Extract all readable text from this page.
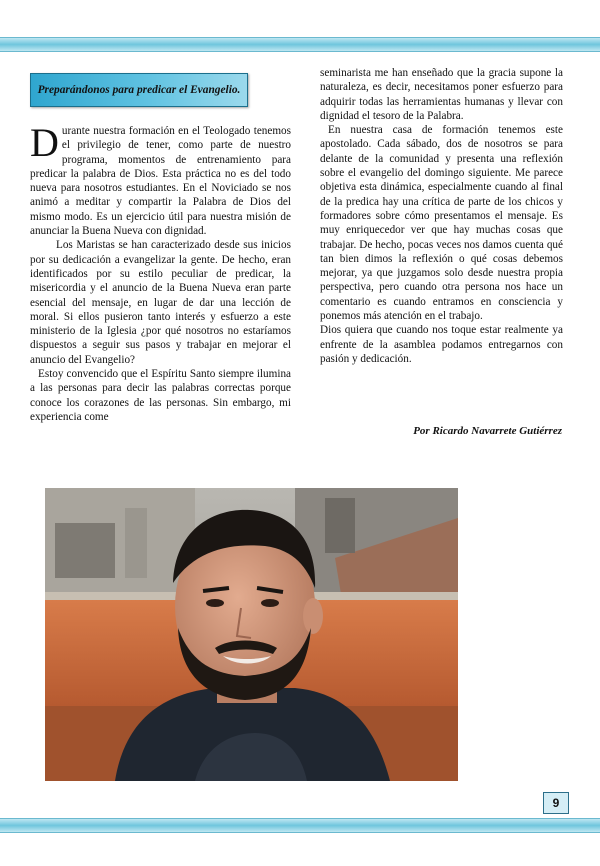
Preparándonos para predicar el Evangelio.

Durante nuestra formación en el Teologado tenemos el privilegio de tener, como parte de nuestro programa, momentos de entrenamiento para predicar la palabra de Dios. Esta práctica no es del todo nueva para nosotros estudiantes. En el Noviciado se nos animó a meditar y compartir la Palabra de Dios del mismo modo. Es un ejercicio útil para nuestra misión de anunciar la Buena Nueva con dignidad.

Los Maristas se han caracterizado desde sus inicios por su dedicación a evangelizar la gente. De hecho, eran identificados por su estilo peculiar de predicar, la misericordia y el anuncio de la Buena Nueva eran parte esencial del mensaje, en lugar de dar una lección de moral. Si ellos pusieron tanto interés y esfuerzo a este ministerio de la Iglesia ¿por qué nosotros no estaríamos dispuestos a seguir sus pasos y trabajar en mejorar el anuncio del Evangelio?

Estoy convencido que el Espíritu Santo siempre ilumina a las personas para decir las palabras correctas porque conoce los corazones de las personas. Sin embargo, mi experiencia come

seminarista me han enseñado que la gracia supone la naturaleza, es decir, necesitamos poner esfuerzo para adquirir todas las herramientas humanas y llevar con dignidad el tesoro de la Palabra.

En nuestra casa de formación tenemos este apostolado. Cada sábado, dos de nosotros se para delante de la comunidad y presenta una reflexión sobre el evangelio del domingo siguiente. Me parece objetiva esta dinámica, especialmente cuando al final de la predica hay una crítica de parte de los chicos y formadores sobre cómo presentamos el mensaje. Es muy enriquecedor ver que hay muchas cosas que trabajar. De hecho, pocas veces nos damos cuenta qué tan bien dimos la reflexión o qué cosas debemos mejorar, ya que juzgamos solo desde nuestra propia perspectiva, pero cuando otra persona nos hace un comentario es cuando entramos en consciencia y ponemos más atención en el trabajo.

Dios quiera que cuando nos toque estar realmente ya enfrente de la asamblea podamos entregarnos con pasión y dedicación.

Por Ricardo Navarrete Gutiérrez
9
